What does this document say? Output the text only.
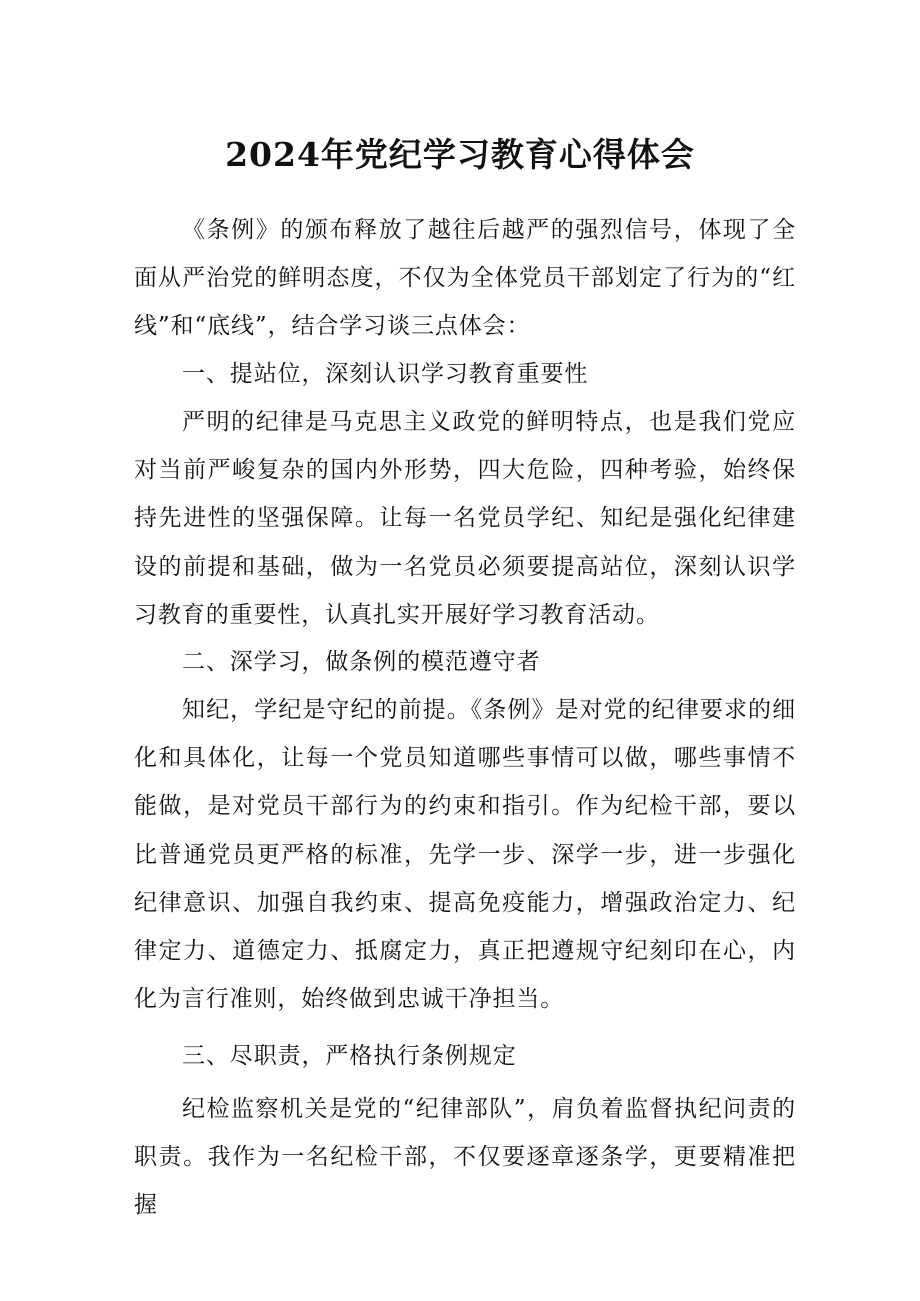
2024年党纪学习教育心得体会

《条例》的颁布释放了越往后越严的强烈信号，体现了全面从严治党的鲜明态度，不仅为全体党员干部划定了行为的“红线”和“底线”，结合学习谈三点体会：

一、提站位，深刻认识学习教育重要性

严明的纪律是马克思主义政党的鲜明特点，也是我们党应对当前严峻复杂的国内外形势，四大危险，四种考验，始终保持先进性的坚强保障。让每一名党员学纪、知纪是强化纪律建设的前提和基础，做为一名党员必须要提高站位，深刻认识学习教育的重要性，认真扎实开展好学习教育活动。

二、深学习，做条例的模范遵守者

知纪，学纪是守纪的前提。《条例》是对党的纪律要求的细化和具体化，让每一个党员知道哪些事情可以做，哪些事情不能做，是对党员干部行为的约束和指引。作为纪检干部，要以比普通党员更严格的标准，先学一步、深学一步，进一步强化纪律意识、加强自我约束、提高免疫能力，增强政治定力、纪律定力、道德定力、抵腐定力，真正把遵规守纪刻印在心，内化为言行准则，始终做到忠诚干净担当。

三、尽职责，严格执行条例规定

纪检监察机关是党的“纪律部队”，肩负着监督执纪问责的职责。我作为一名纪检干部，不仅要逐章逐条学，更要精准把握
